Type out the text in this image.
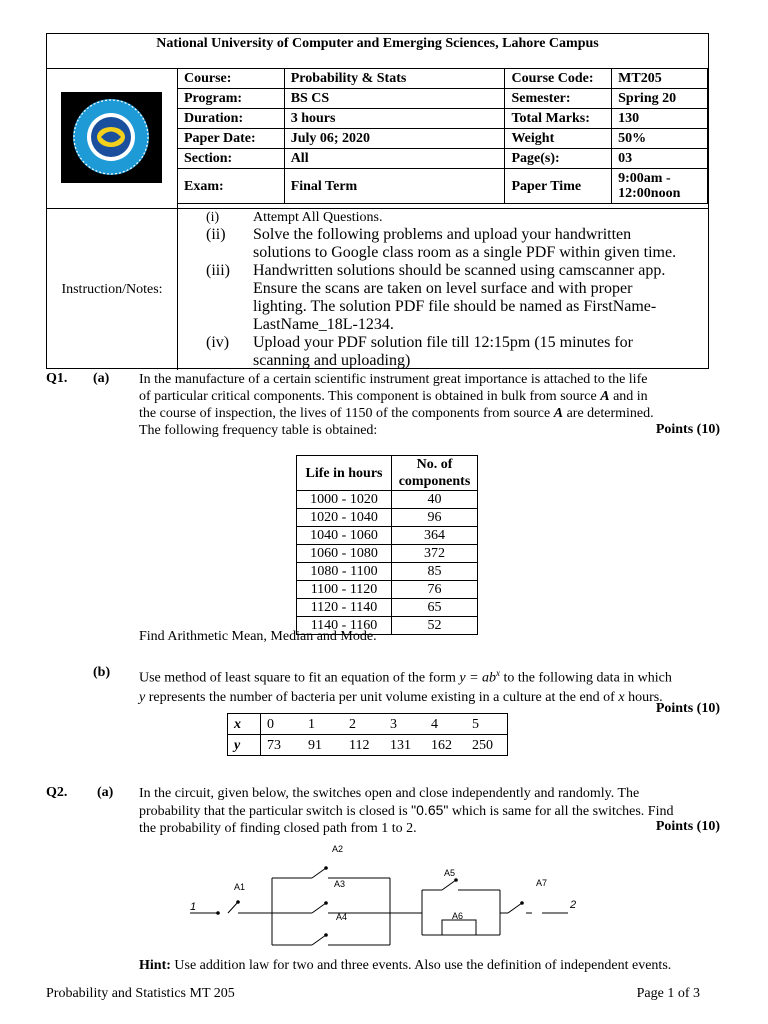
National University of Computer and Emerging Sciences, Lahore Campus
Course:	Probability & Stats	Course Code:	MT205
Program:	BS CS	Semester:	Spring 20
Duration:	3 hours	Total Marks:	130
Paper Date:	July 06; 2020	Weight	50%
Section:	All	Page(s):	03
Exam:	Final Term	Paper Time	9:00am -
12:00noon
Instruction/Notes:
(i)	Attempt All Questions.
(ii)	Solve the following problems and upload your handwritten
solutions to Google class room as a single PDF within given time.
(iii)	Handwritten solutions should be scanned using camscanner app.
Ensure the scans are taken on level surface and with proper
lighting. The solution PDF file should be named as FirstName-
LastName_18L-1234.
(iv)	Upload your PDF solution file till 12:15pm (15 minutes for
scanning and uploading)
Q1. (a) In the manufacture of a certain scientific instrument great importance is attached to the life
of particular critical components. This component is obtained in bulk from source A and in
the course of inspection, the lives of 1150 of the components from source A are determined.
The following frequency table is obtained:	Points (10)
Life in hours	No. of components
1000 - 1020	40
1020 - 1040	96
1040 - 1060	364
1060 - 1080	372
1080 - 1100	85
1100 - 1120	76
1120 - 1140	65
1140 - 1160	52
Find Arithmetic Mean, Median and Mode.
(b) Use method of least square to fit an equation of the form $y = ab^x$ to the following data in which
y represents the number of bacteria per unit volume existing in a culture at the end of x hours.
Points (10)
x	0	1	2	3	4	5
y	73	91	112	131	162	250
Q2. (a) In the circuit, given below, the switches open and close independently and randomly. The
probability that the particular switch is closed is "0.65" which is same for all the switches. Find
the probability of finding closed path from 1 to 2.	Points (10)
A1
A2
A3
A4
A5
A6
A7
1	2
Hint: Use addition law for two and three events. Also use the definition of independent events.
Probability and Statistics MT 205	Page 1 of 3
